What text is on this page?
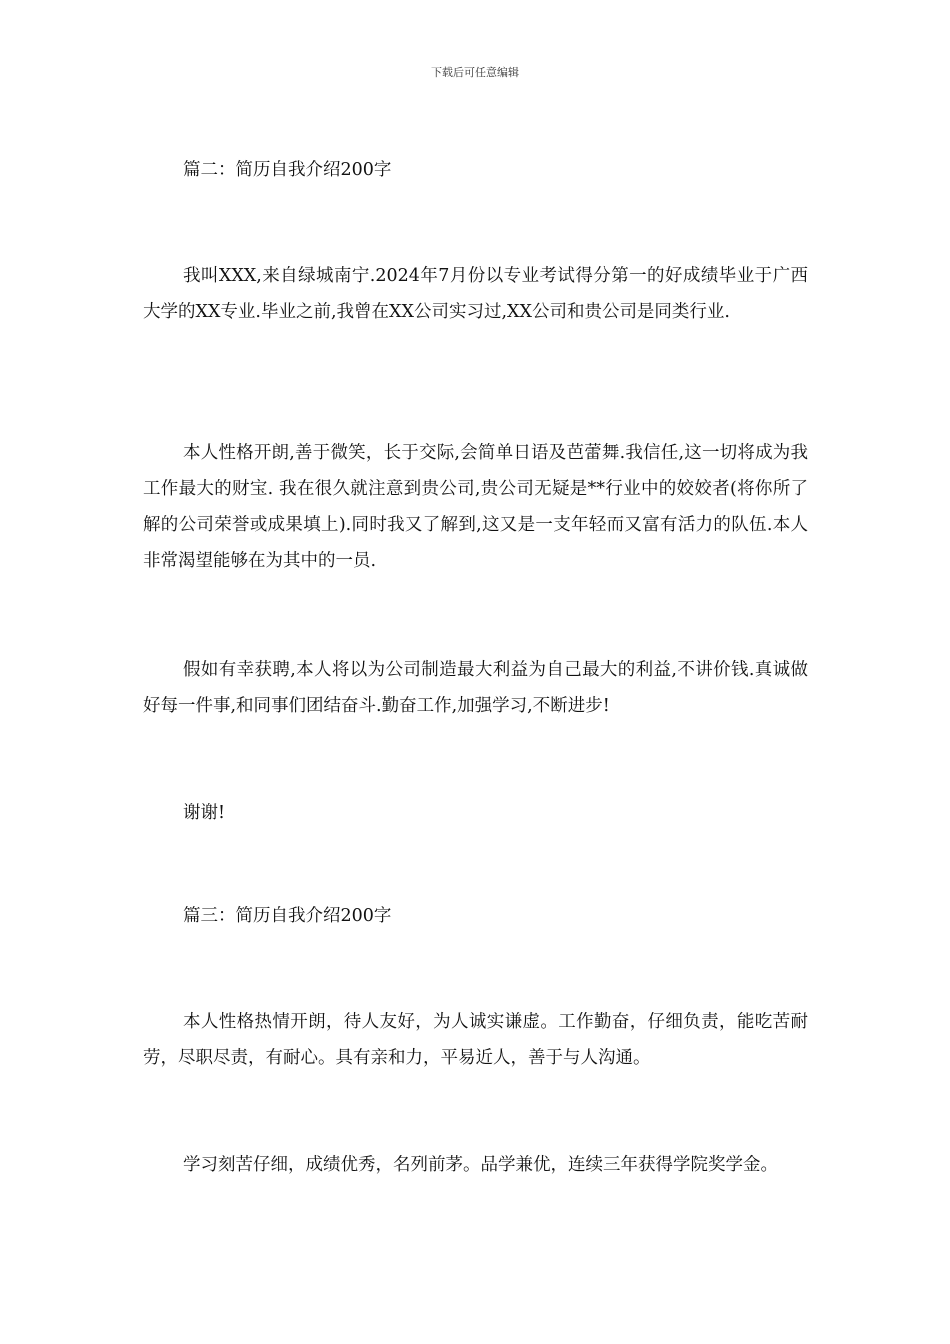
下载后可任意编辑

篇二：简历自我介绍200字

我叫XXX,来自绿城南宁.2024年7月份以专业考试得分第一的好成绩毕业于广西大学的XX专业.毕业之前,我曾在XX公司实习过,XX公司和贵公司是同类行业.

本人性格开朗,善于微笑，长于交际,会简单日语及芭蕾舞.我信任,这一切将成为我工作最大的财宝. 我在很久就注意到贵公司,贵公司无疑是**行业中的姣姣者(将你所了解的公司荣誉或成果填上).同时我又了解到,这又是一支年轻而又富有活力的队伍.本人非常渴望能够在为其中的一员.

假如有幸获聘,本人将以为公司制造最大利益为自己最大的利益,不讲价钱.真诚做好每一件事,和同事们团结奋斗.勤奋工作,加强学习,不断进步!

谢谢!

篇三：简历自我介绍200字

本人性格热情开朗，待人友好，为人诚实谦虚。工作勤奋，仔细负责，能吃苦耐劳，尽职尽责，有耐心。具有亲和力，平易近人，善于与人沟通。

学习刻苦仔细，成绩优秀，名列前茅。品学兼优，连续三年获得学院奖学金。
